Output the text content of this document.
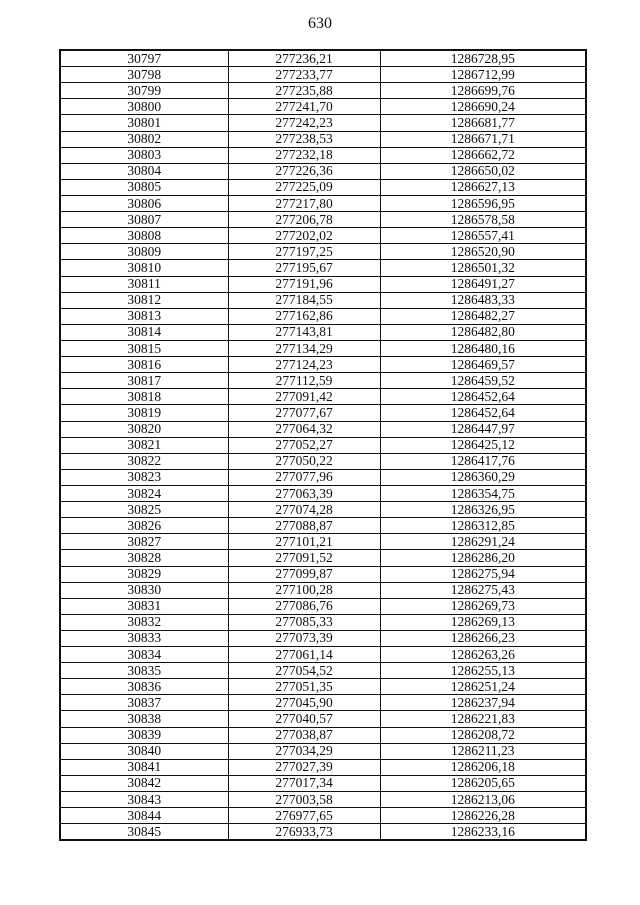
630
30797	277236,21	1286728,95
30798	277233,77	1286712,99
30799	277235,88	1286699,76
30800	277241,70	1286690,24
30801	277242,23	1286681,77
30802	277238,53	1286671,71
30803	277232,18	1286662,72
30804	277226,36	1286650,02
30805	277225,09	1286627,13
30806	277217,80	1286596,95
30807	277206,78	1286578,58
30808	277202,02	1286557,41
30809	277197,25	1286520,90
30810	277195,67	1286501,32
30811	277191,96	1286491,27
30812	277184,55	1286483,33
30813	277162,86	1286482,27
30814	277143,81	1286482,80
30815	277134,29	1286480,16
30816	277124,23	1286469,57
30817	277112,59	1286459,52
30818	277091,42	1286452,64
30819	277077,67	1286452,64
30820	277064,32	1286447,97
30821	277052,27	1286425,12
30822	277050,22	1286417,76
30823	277077,96	1286360,29
30824	277063,39	1286354,75
30825	277074,28	1286326,95
30826	277088,87	1286312,85
30827	277101,21	1286291,24
30828	277091,52	1286286,20
30829	277099,87	1286275,94
30830	277100,28	1286275,43
30831	277086,76	1286269,73
30832	277085,33	1286269,13
30833	277073,39	1286266,23
30834	277061,14	1286263,26
30835	277054,52	1286255,13
30836	277051,35	1286251,24
30837	277045,90	1286237,94
30838	277040,57	1286221,83
30839	277038,87	1286208,72
30840	277034,29	1286211,23
30841	277027,39	1286206,18
30842	277017,34	1286205,65
30843	277003,58	1286213,06
30844	276977,65	1286226,28
30845	276933,73	1286233,16
